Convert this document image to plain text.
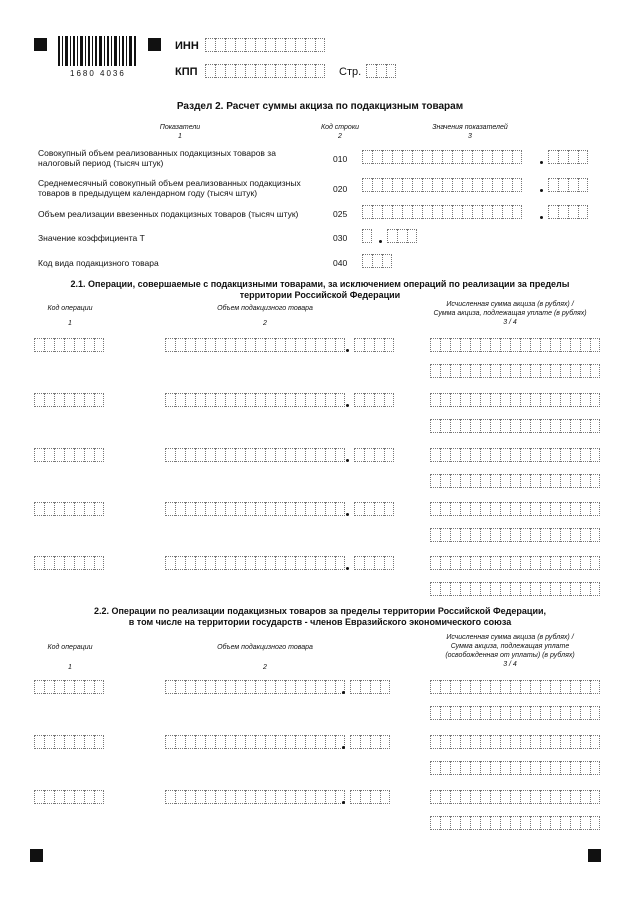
1680 4036
ИНН
КПП	Стр.
Раздел 2. Расчет суммы акциза по подакцизным товарам
Показатели
1
Код строки
2
Значения показателей
3
Совокупный объем реализованных подакцизных товаров за
налоговый период (тысяч штук)	010
Среднемесячный совокупный объем реализованных подакцизных
товаров в предыдущем календарном году (тысяч штук)	020
Объем реализации ввезенных подакцизных товаров (тысяч штук)	025
Значение коэффициента Т	030
Код вида подакцизного товара	040
2.1. Операции, совершаемые с подакцизными товарами, за исключением операций по реализации за пределы
территории Российской Федерации
Код операции
1
Объем подакцизного товара
2
Исчисленная сумма акциза (в рублях) /
Сумма акциза, подлежащая уплате (в рублях)
3 / 4
2.2. Операции по реализации подакцизных товаров за пределы территории Российской Федерации,
в том числе на территории государств - членов Евразийского экономического союза
Код операции
1
Объем подакцизного товара
2
Исчисленная сумма акциза (в рублях) /
Сумма акциза, подлежащая уплате
(освобожденная от уплаты) (в рублях)
3 / 4
